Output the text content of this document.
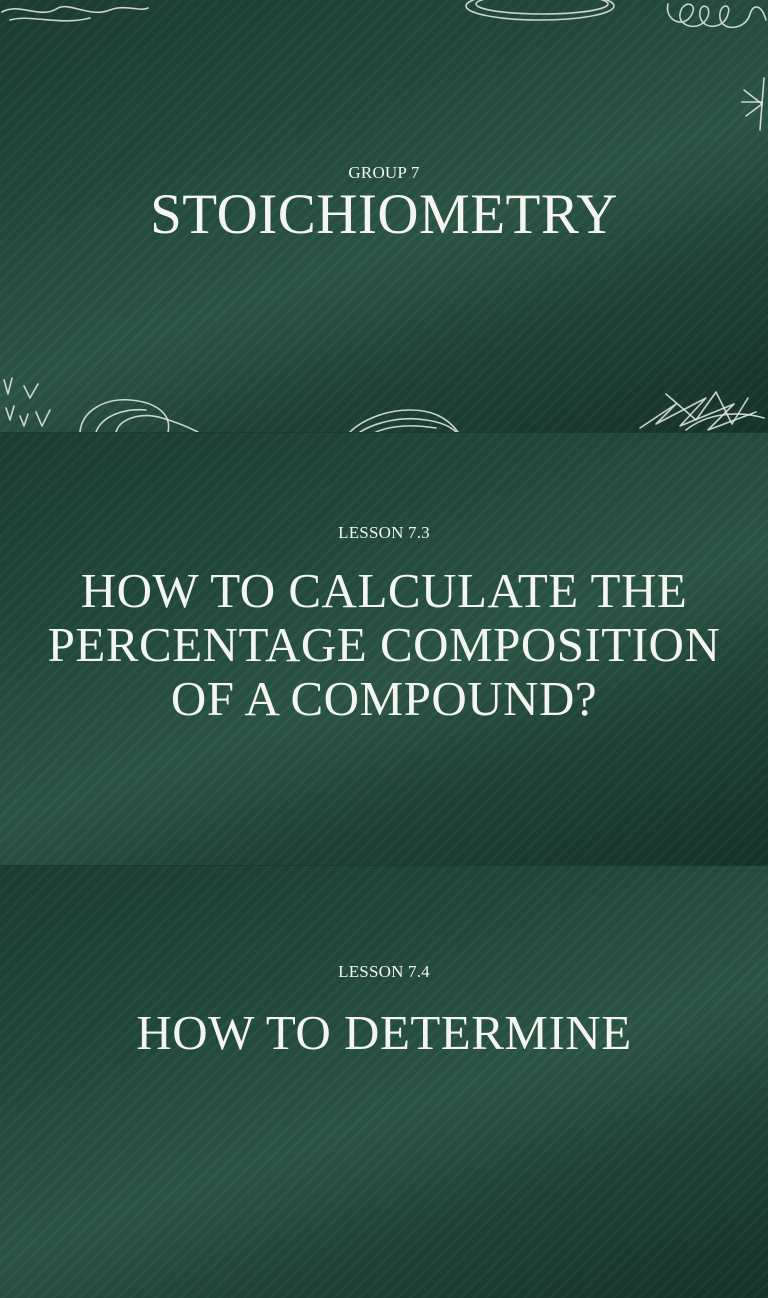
GROUP 7
STOICHIOMETRY
LESSON 7.3
HOW TO CALCULATE THE PERCENTAGE COMPOSITION OF A COMPOUND?
LESSON 7.4
HOW TO DETERMINE
